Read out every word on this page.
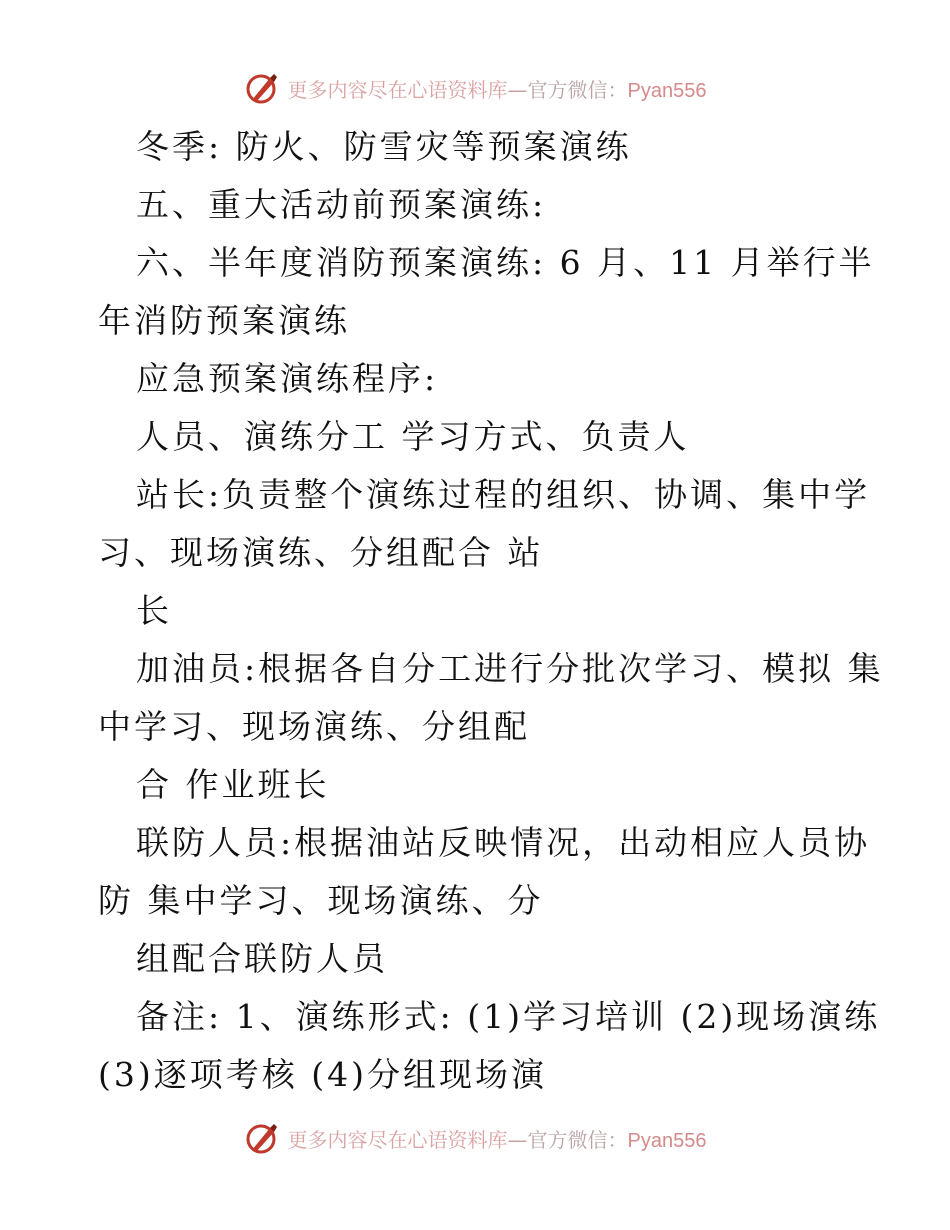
更多内容尽在心语资料库—官方微信：Pyan556
冬季: 防火、防雪灾等预案演练
五、重大活动前预案演练:
六、半年度消防预案演练: 6 月、11 月举行半
年消防预案演练
应急预案演练程序:
人员、演练分工 学习方式、负责人
站长:负责整个演练过程的组织、协调、集中学
习、现场演练、分组配合 站
长
加油员:根据各自分工进行分批次学习、模拟 集
中学习、现场演练、分组配
合 作业班长
联防人员:根据油站反映情况，出动相应人员协
防 集中学习、现场演练、分
组配合联防人员
备注: 1、演练形式: (1)学习培训 (2)现场演练
(3)逐项考核 (4)分组现场演
更多内容尽在心语资料库—官方微信：Pyan556
